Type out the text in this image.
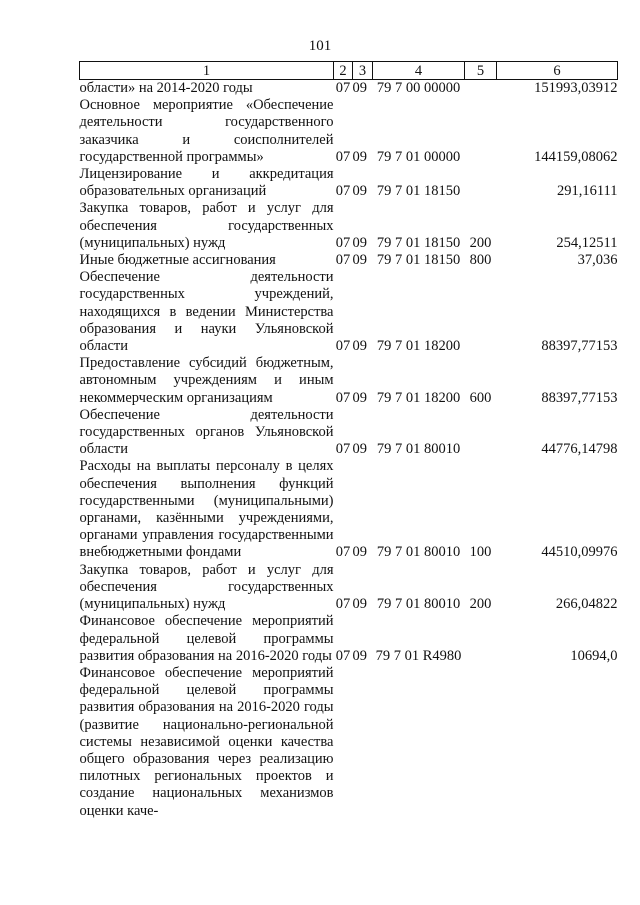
101
1	2	3	4	5	6
области» на 2014-2020 годы	07	09	79 7 00 00000		151993,03912
Основное мероприятие «Обеспечение деятельности государственного заказчика и соисполнителей государственной программы»	07	09	79 7 01 00000		144159,08062
Лицензирование и аккредитация образовательных организаций	07	09	79 7 01 18150		291,16111
Закупка товаров, работ и услуг для обеспечения государственных (муниципальных) нужд	07	09	79 7 01 18150	200	254,12511
Иные бюджетные ассигнования	07	09	79 7 01 18150	800	37,036
Обеспечение деятельности государственных учреждений, находящихся в ведении Министерства образования и науки Ульяновской области	07	09	79 7 01 18200		88397,77153
Предоставление субсидий бюджетным, автономным учреждениям и иным некоммерческим организациям	07	09	79 7 01 18200	600	88397,77153
Обеспечение деятельности государственных органов Ульяновской области	07	09	79 7 01 80010		44776,14798
Расходы на выплаты персоналу в целях обеспечения выполнения функций государственными (муниципальными) органами, казёнными учреждениями, органами управления государственными внебюджетными фондами	07	09	79 7 01 80010	100	44510,09976
Закупка товаров, работ и услуг для обеспечения государственных (муниципальных) нужд	07	09	79 7 01 80010	200	266,04822
Финансовое обеспечение мероприятий федеральной целевой программы развития образования на 2016-2020 годы	07	09	79 7 01 R4980		10694,0
Финансовое обеспечение мероприятий федеральной целевой программы развития образования на 2016-2020 годы (развитие национально-региональной системы независимой оценки качества общего образования через реализацию пилотных региональных проектов и создание национальных механизмов оценки каче-					
